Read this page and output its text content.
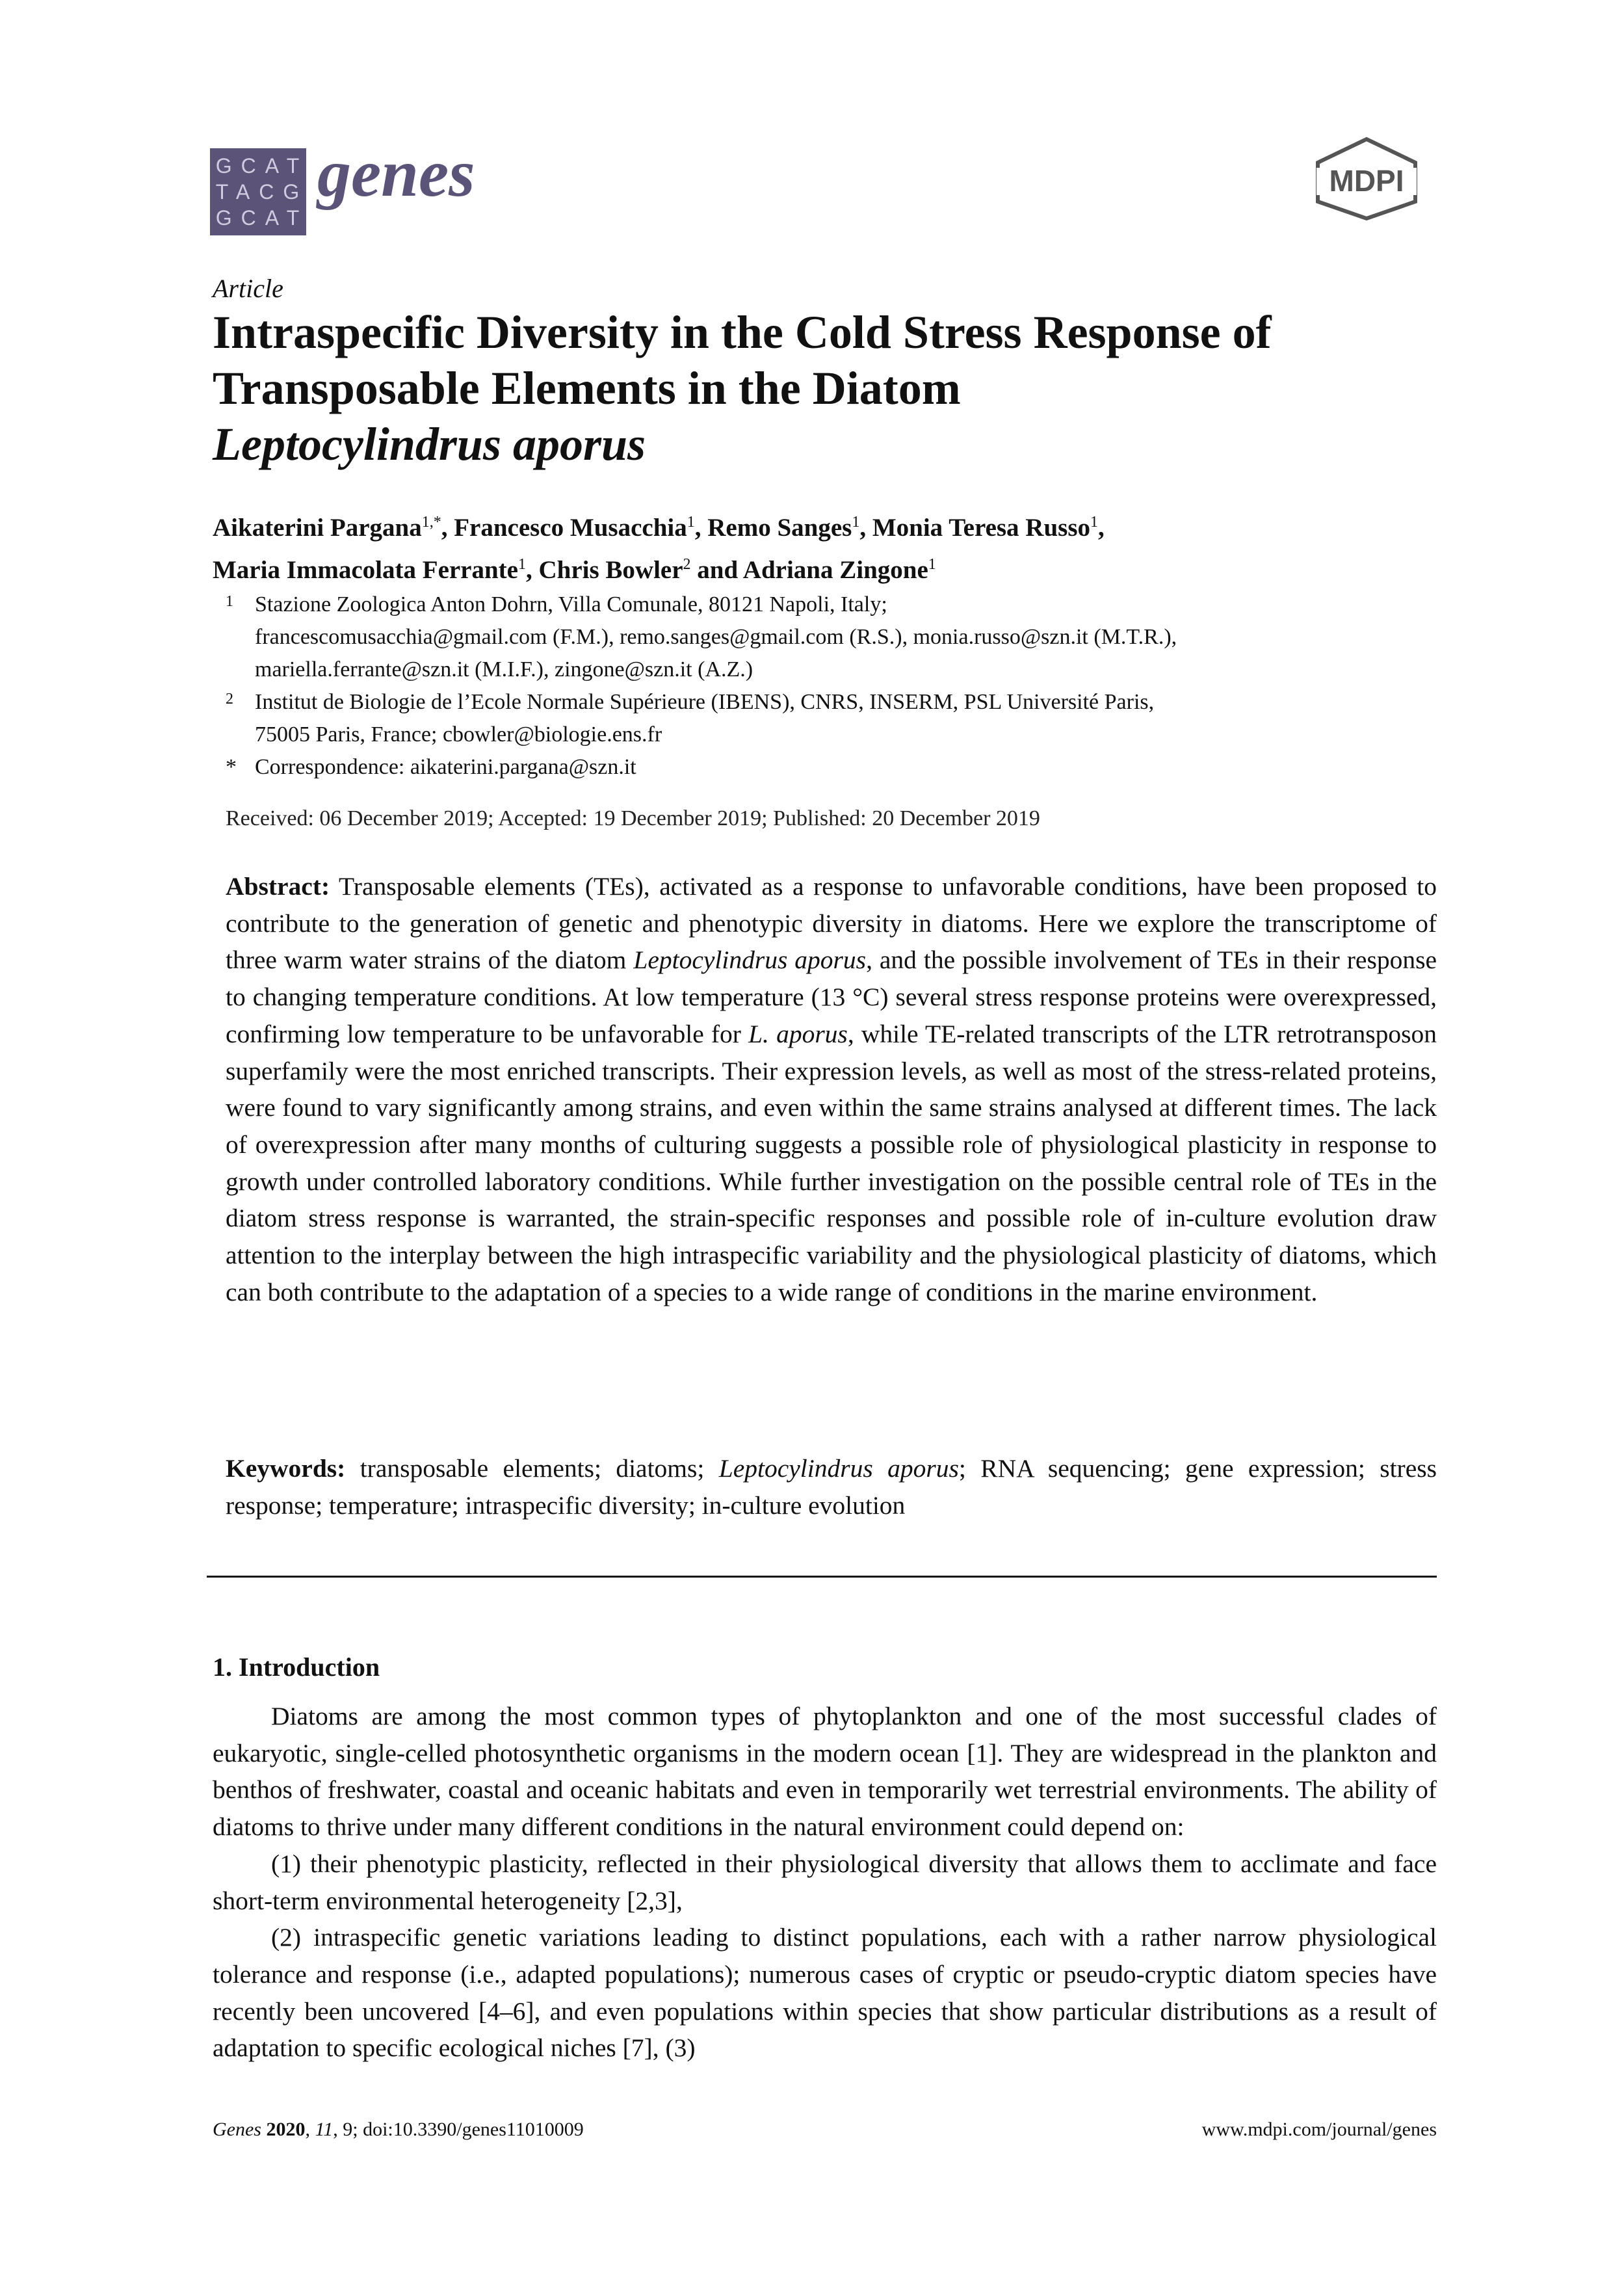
GCAT
TACG
GCAT
genes	MDPI
Article
Intraspecific Diversity in the Cold Stress Response of
Transposable Elements in the Diatom
Leptocylindrus aporus
Aikaterini Pargana$^{1,*}$, Francesco Musacchia$^1$, Remo Sanges$^1$, Monia Teresa Russo$^1$,
Maria Immacolata Ferrante$^1$, Chris Bowler$^2$ and Adriana Zingone$^1$
1 Stazione Zoologica Anton Dohrn, Villa Comunale, 80121 Napoli, Italy;
francescomusacchia@gmail.com (F.M.), remo.sanges@gmail.com (R.S.), monia.russo@szn.it (M.T.R.),
mariella.ferrante@szn.it (M.I.F.), zingone@szn.it (A.Z.)
2 Institut de Biologie de l’Ecole Normale Supérieure (IBENS), CNRS, INSERM, PSL Université Paris,
75005 Paris, France; cbowler@biologie.ens.fr
* Correspondence: aikaterini.pargana@szn.it
Received: 06 December 2019; Accepted: 19 December 2019; Published: 20 December 2019

Abstract: Transposable elements (TEs), activated as a response to unfavorable conditions, have been proposed to contribute to the generation of genetic and phenotypic diversity in diatoms. Here we explore the transcriptome of three warm water strains of the diatom Leptocylindrus aporus, and the possible involvement of TEs in their response to changing temperature conditions. At low temperature (13 °C) several stress response proteins were overexpressed, confirming low temperature to be unfavorable for L. aporus, while TE-related transcripts of the LTR retrotransposon superfamily were the most enriched transcripts. Their expression levels, as well as most of the stress-related proteins, were found to vary significantly among strains, and even within the same strains analysed at different times. The lack of overexpression after many months of culturing suggests a possible role of physiological plasticity in response to growth under controlled laboratory conditions. While further investigation on the possible central role of TEs in the diatom stress response is warranted, the strain-specific responses and possible role of in-culture evolution draw attention to the interplay between the high intraspecific variability and the physiological plasticity of diatoms, which can both contribute to the adaptation of a species to a wide range of conditions in the marine environment.

Keywords: transposable elements; diatoms; Leptocylindrus aporus; RNA sequencing; gene expression; stress response; temperature; intraspecific diversity; in-culture evolution

1. Introduction

Diatoms are among the most common types of phytoplankton and one of the most successful clades of eukaryotic, single-celled photosynthetic organisms in the modern ocean [1]. They are widespread in the plankton and benthos of freshwater, coastal and oceanic habitats and even in temporarily wet terrestrial environments. The ability of diatoms to thrive under many different conditions in the natural environment could depend on:

(1) their phenotypic plasticity, reflected in their physiological diversity that allows them to acclimate and face short-term environmental heterogeneity [2,3],

(2) intraspecific genetic variations leading to distinct populations, each with a rather narrow physiological tolerance and response (i.e., adapted populations); numerous cases of cryptic or pseudo-cryptic diatom species have recently been uncovered [4–6], and even populations within species that show particular distributions as a result of adaptation to specific ecological niches [7], (3)

Genes 2020, 11, 9; doi:10.3390/genes11010009	www.mdpi.com/journal/genes
